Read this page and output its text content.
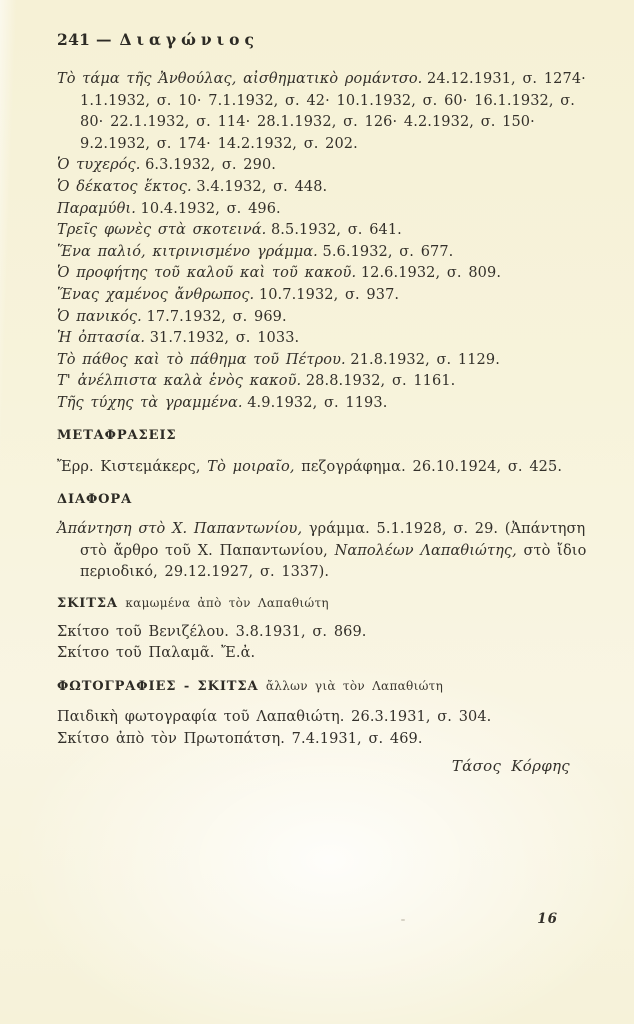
241 — Διαγώνιος

Τὸ τάμα τῆς Ἀνθούλας, αἰσθηματικὸ ρομάντσο. 24.12.1931, σ. 1274· 1.1.1932, σ. 10· 7.1.1932, σ. 42· 10.1.1932, σ. 60· 16.1.1932, σ. 80· 22.1.1932, σ. 114· 28.1.1932, σ. 126· 4.2.1932, σ. 150· 9.2.1932, σ. 174· 14.2.1932, σ. 202.

Ὁ τυχερός. 6.3.1932, σ. 290.

Ὁ δέκατος ἕκτος. 3.4.1932, σ. 448.

Παραμύθι. 10.4.1932, σ. 496.

Τρεῖς φωνὲς στὰ σκοτεινά. 8.5.1932, σ. 641.

Ἕνα παλιό, κιτρινισμένο γράμμα. 5.6.1932, σ. 677.

Ὁ προφήτης τοῦ καλοῦ καὶ τοῦ κακοῦ. 12.6.1932, σ. 809.

Ἕνας χαμένος ἄνθρωπος. 10.7.1932, σ. 937.

Ὁ πανικός. 17.7.1932, σ. 969.

Ἡ ὀπτασία. 31.7.1932, σ. 1033.

Τὸ πάθος καὶ τὸ πάθημα τοῦ Πέτρου. 21.8.1932, σ. 1129.

Τ' ἀνέλπιστα καλὰ ἑνὸς κακοῦ. 28.8.1932, σ. 1161.

Τῆς τύχης τὰ γραμμένα. 4.9.1932, σ. 1193.

ΜΕΤΑΦΡΑΣΕΙΣ

Ἔρρ. Κιστεμάκερς, Τὸ μοιραῖο, πεζογράφημα. 26.10.1924, σ. 425.

ΔΙΑΦΟΡΑ

Ἀπάντηση στὸ Χ. Παπαντωνίου, γράμμα. 5.1.1928, σ. 29. (Ἀπάντηση στὸ ἄρθρο τοῦ Χ. Παπαντωνίου, Ναπολέων Λαπαθιώτης, στὸ ἴδιο περιοδικό, 29.12.1927, σ. 1337).

ΣΚΙΤΣΑ καμωμένα ἀπὸ τὸν Λαπαθιώτη

Σκίτσο τοῦ Βενιζέλου. 3.8.1931, σ. 869.

Σκίτσο τοῦ Παλαμᾶ. Ἔ.ἀ.

ΦΩΤΟΓΡΑΦΙΕΣ - ΣΚΙΤΣΑ ἄλλων γιὰ τὸν Λαπαθιώτη

Παιδικὴ φωτογραφία τοῦ Λαπαθιώτη. 26.3.1931, σ. 304.

Σκίτσο ἀπὸ τὸν Πρωτοπάτση. 7.4.1931, σ. 469.

Τάσος Κόρφης

16
